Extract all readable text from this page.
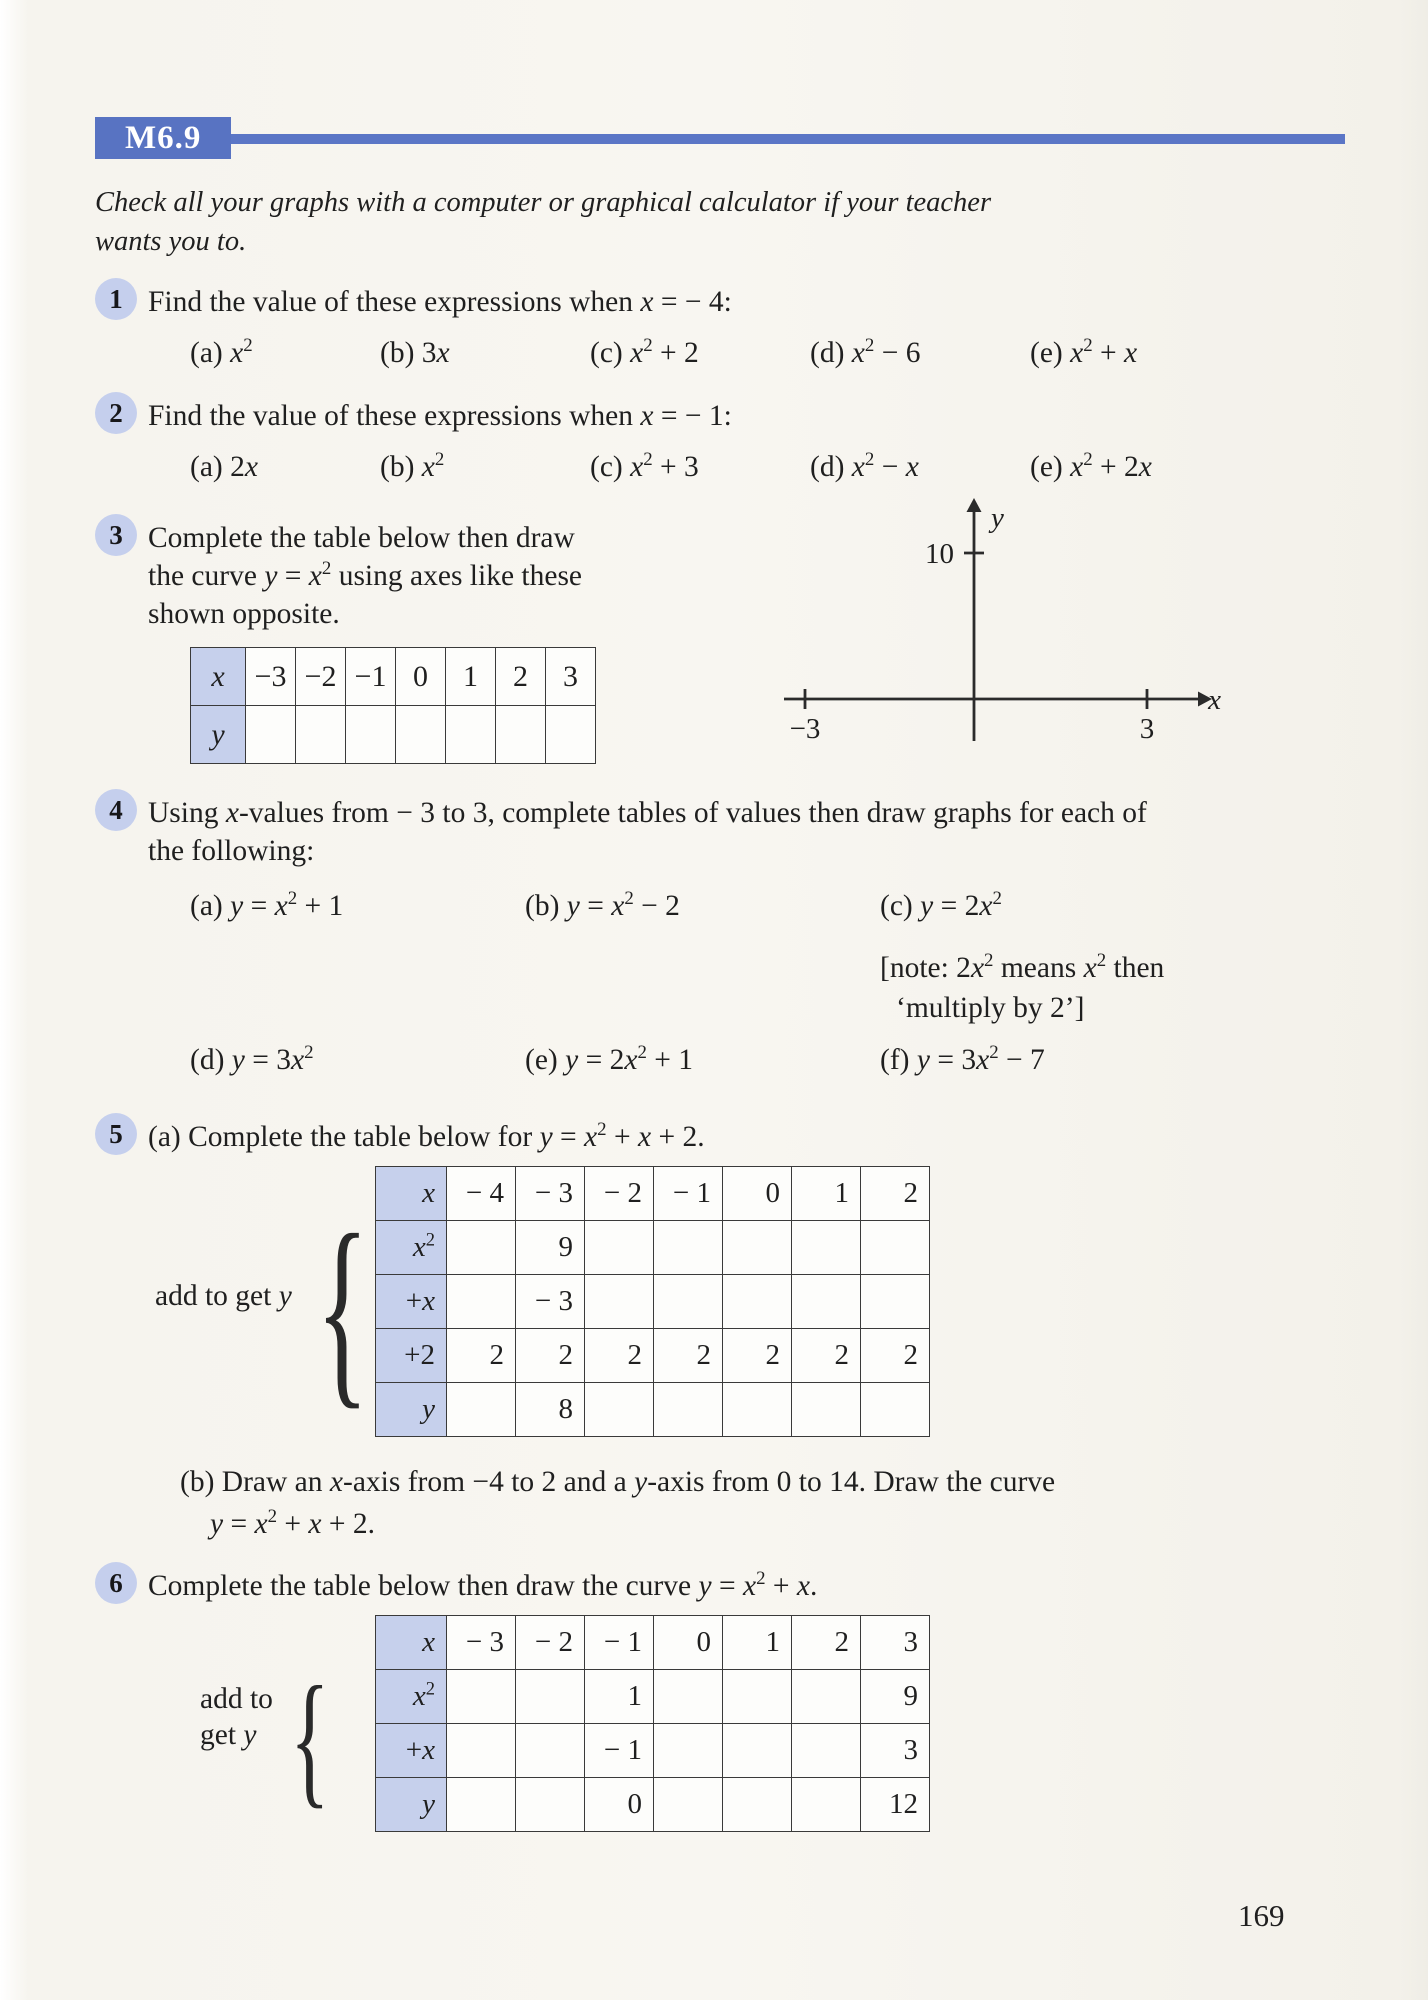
M6.9
Check all your graphs with a computer or graphical calculator if your teacher
wants you to.
1 Find the value of these expressions when x = − 4:
(a) $x^2$	(b) 3x	(c) $x^2 + 2$	(d) $x^2 - 6$	(e) $x^2 + x$
2 Find the value of these expressions when x = − 1:
(a) 2x	(b) $x^2$	(c) $x^2 + 3$	(d) $x^2 - x$	(e) $x^2 + 2x$
3 Complete the table below then draw
the curve $y = x^2$ using axes like these
shown opposite.
x	−3	−2	−1	0	1	2	3
y							
10
y
x
−3	3
4 Using x-values from − 3 to 3, complete tables of values then draw graphs for each of
the following:
(a) $y = x^2 + 1$	(b) $y = x^2 - 2$	(c) $y = 2x^2$
[note: $2x^2$ means $x^2$ then
‘multiply by 2’]
(d) $y = 3x^2$	(e) $y = 2x^2 + 1$	(f) $y = 3x^2 - 7$
5 (a) Complete the table below for $y = x^2 + x + 2$.
add to get y { x	− 4	− 3	− 2	− 1	0	1	2
$x^2$		9					
+x		− 3					
+2	2	2	2	2	2	2	2
y		8					
(b) Draw an x-axis from −4 to 2 and a y-axis from 0 to 14. Draw the curve
$y = x^2 + x + 2$.
6 Complete the table below then draw the curve $y = x^2 + x$.
add to
get y {
x	− 3	− 2	− 1	0	1	2	3
$x^2$			1				9
+x			− 1				3
y			0				12
169
